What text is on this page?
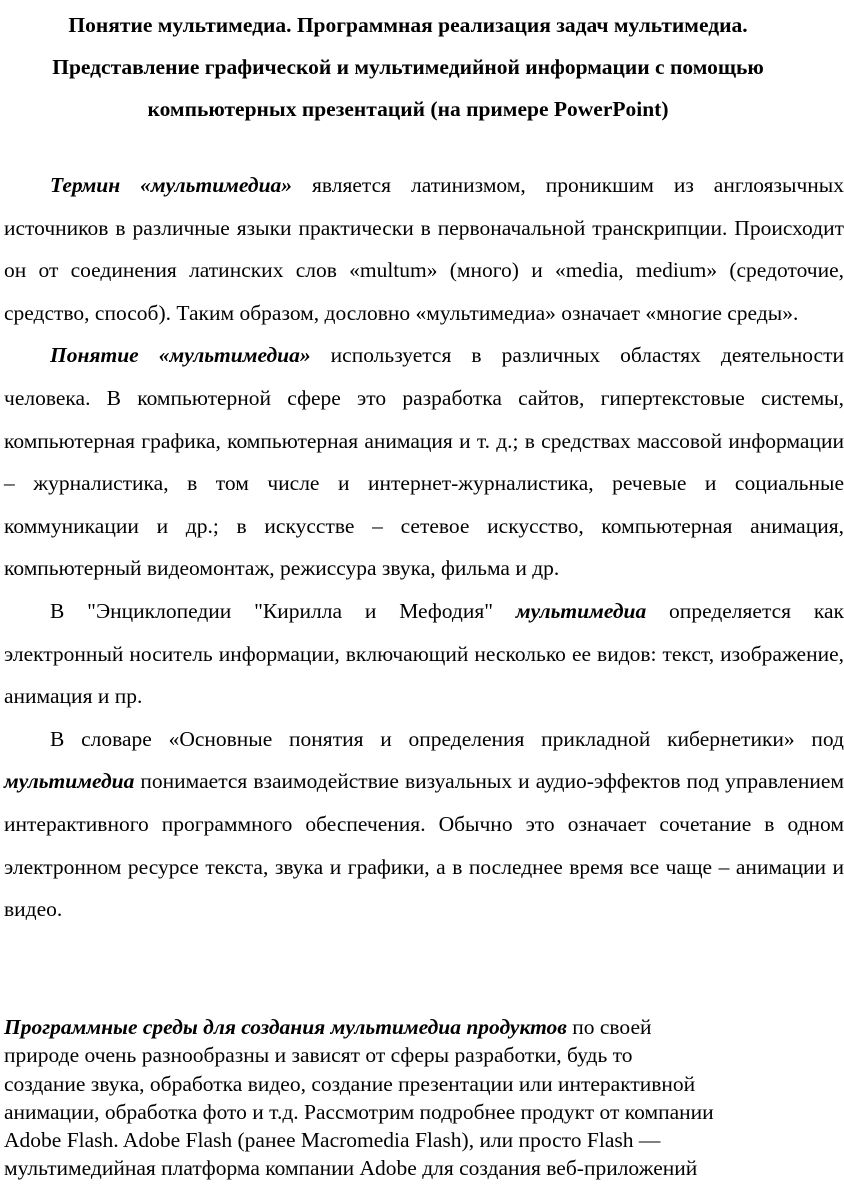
Понятие мультимедиа. Программная реализация задач мультимедиа.
Представление графической и мультимедийной информации с помощью
компьютерных презентаций (на примере PowerPoint)

Термин «мультимедиа» является латинизмом, проникшим из англоязычных источников в различные языки практически в первоначальной транскрипции. Происходит он от соединения латинских слов «multum» (много) и «media, medium» (средоточие, средство, способ). Таким образом, дословно «мультимедиа» означает «многие среды».

Понятие «мультимедиа» используется в различных областях деятельности человека. В компьютерной сфере это разработка сайтов, гипертекстовые системы, компьютерная графика, компьютерная анимация и т. д.; в средствах массовой информации – журналистика, в том числе и интернет-журналистика, речевые и социальные коммуникации и др.; в искусстве – сетевое искусство, компьютерная анимация, компьютерный видеомонтаж, режиссура звука, фильма и др.

В "Энциклопедии "Кирилла и Мефодия" мультимедиа определяется как электронный носитель информации, включающий несколько ее видов: текст, изображение, анимация и пр.

В словаре «Основные понятия и определения прикладной кибернетики» под мультимедиа понимается взаимодействие визуальных и аудио-эффектов под управлением интерактивного программного обеспечения. Обычно это означает сочетание в одном электронном ресурсе текста, звука и графики, а в последнее время все чаще – анимации и видео.

Программные среды для создания мультимедиа продуктов по своей

природе очень разнообразны и зависят от сферы разработки, будь то

создание звука, обработка видео, создание презентации или интерактивной

анимации, обработка фото и т.д. Рассмотрим подробнее продукт от компании

Adobe Flash. Adobe Flash (ранее Macromedia Flash), или просто Flash —

мультимедийная платформа компании Adobe для создания веб-приложений
